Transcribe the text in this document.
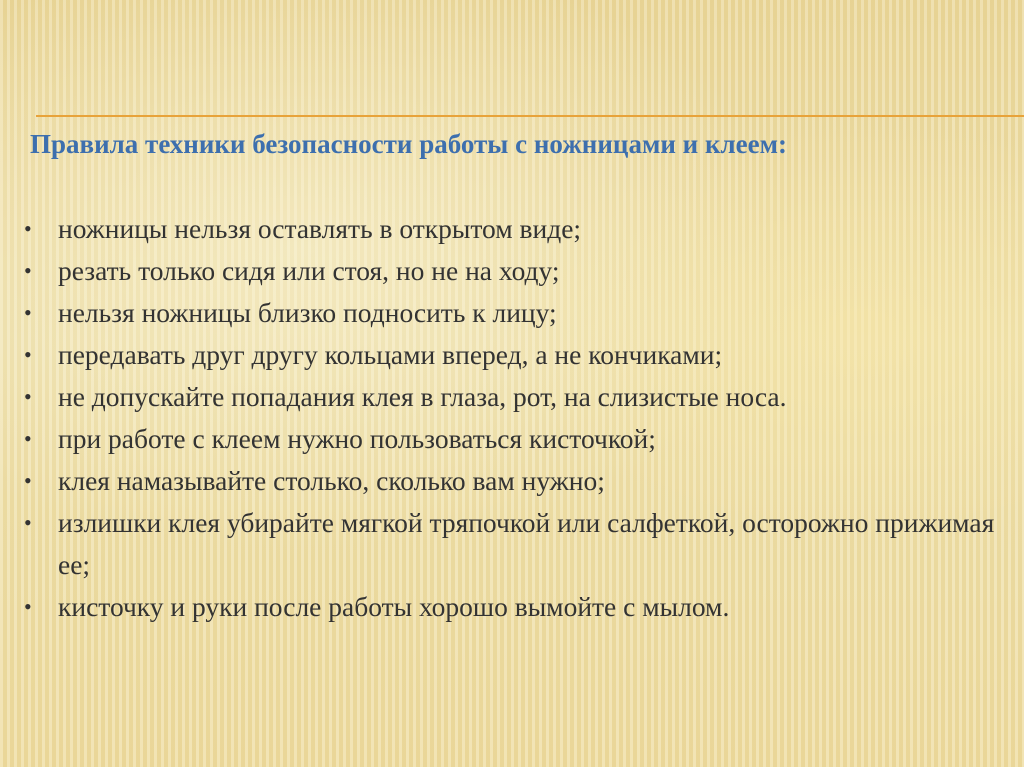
Правила техники безопасности работы с ножницами и клеем:
• ножницы нельзя оставлять в открытом виде;
• резать только сидя или стоя, но не на ходу;
• нельзя ножницы близко подносить к лицу;
• передавать друг другу кольцами вперед, а не кончиками;
• не допускайте попадания клея в глаза, рот, на слизистые носа.
• при работе с клеем нужно пользоваться кисточкой;
• клея намазывайте столько, сколько вам нужно;
• излишки клея убирайте мягкой тряпочкой или салфеткой, осторожно прижимая ее;
• кисточку и руки после работы хорошо вымойте с мылом.
